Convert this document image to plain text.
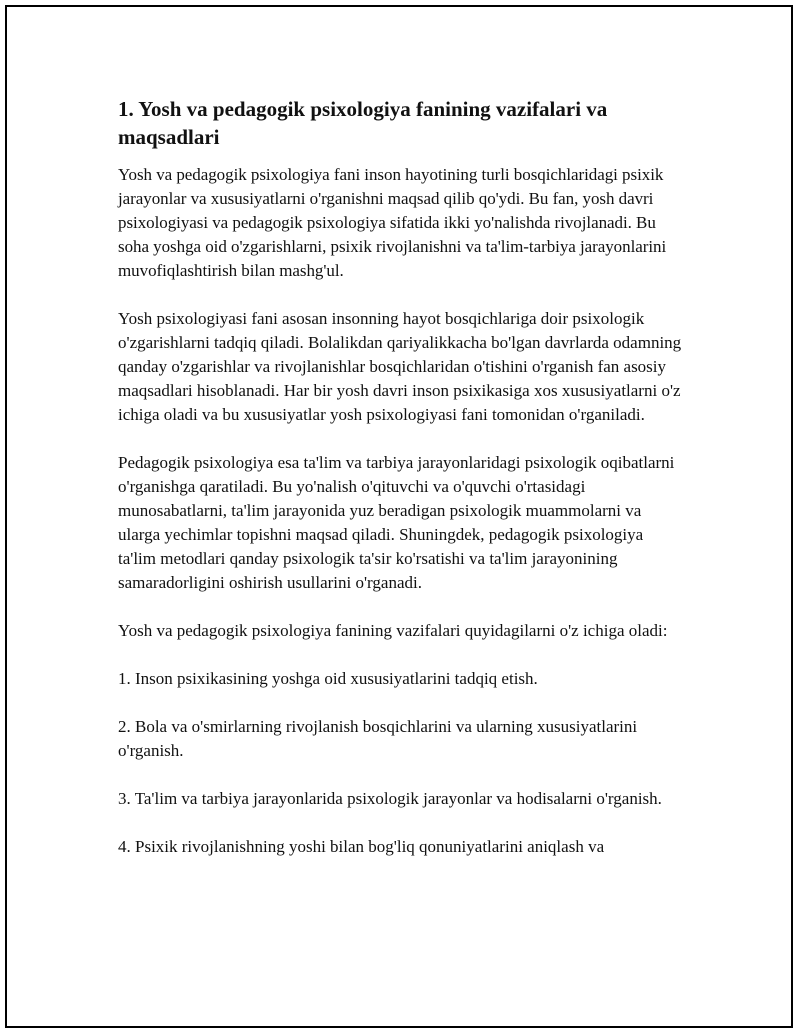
1. Yosh va pedagogik psixologiya fanining vazifalari va maqsadlari

Yosh va pedagogik psixologiya fani inson hayotining turli bosqichlaridagi psixik jarayonlar va xususiyatlarni o'rganishni maqsad qilib qo'ydi. Bu fan, yosh davri psixologiyasi va pedagogik psixologiya sifatida ikki yo'nalishda rivojlanadi. Bu soha yoshga oid o'zgarishlarni, psixik rivojlanishni va ta'lim-tarbiya jarayonlarini muvofiqlashtirish bilan mashg'ul.

Yosh psixologiyasi fani asosan insonning hayot bosqichlariga doir psixologik o'zgarishlarni tadqiq qiladi. Bolalikdan qariyalikkacha bo'lgan davrlarda odamning qanday o'zgarishlar va rivojlanishlar bosqichlaridan o'tishini o'rganish fan asosiy maqsadlari hisoblanadi. Har bir yosh davri inson psixikasiga xos xususiyatlarni o'z ichiga oladi va bu xususiyatlar yosh psixologiyasi fani tomonidan o'rganiladi.

Pedagogik psixologiya esa ta'lim va tarbiya jarayonlaridagi psixologik oqibatlarni o'rganishga qaratiladi. Bu yo'nalish o'qituvchi va o'quvchi o'rtasidagi munosabatlarni, ta'lim jarayonida yuz beradigan psixologik muammolarni va ularga yechimlar topishni maqsad qiladi. Shuningdek, pedagogik psixologiya ta'lim metodlari qanday psixologik ta'sir ko'rsatishi va ta'lim jarayonining samaradorligini oshirish usullarini o'rganadi.

Yosh va pedagogik psixologiya fanining vazifalari quyidagilarni o'z ichiga oladi:

1. Inson psixikasining yoshga oid xususiyatlarini tadqiq etish.

2. Bola va o'smirlarning rivojlanish bosqichlarini va ularning xususiyatlarini o'rganish.

3. Ta'lim va tarbiya jarayonlarida psixologik jarayonlar va hodisalarni o'rganish.

4. Psixik rivojlanishning yoshi bilan bog'liq qonuniyatlarini aniqlash va
